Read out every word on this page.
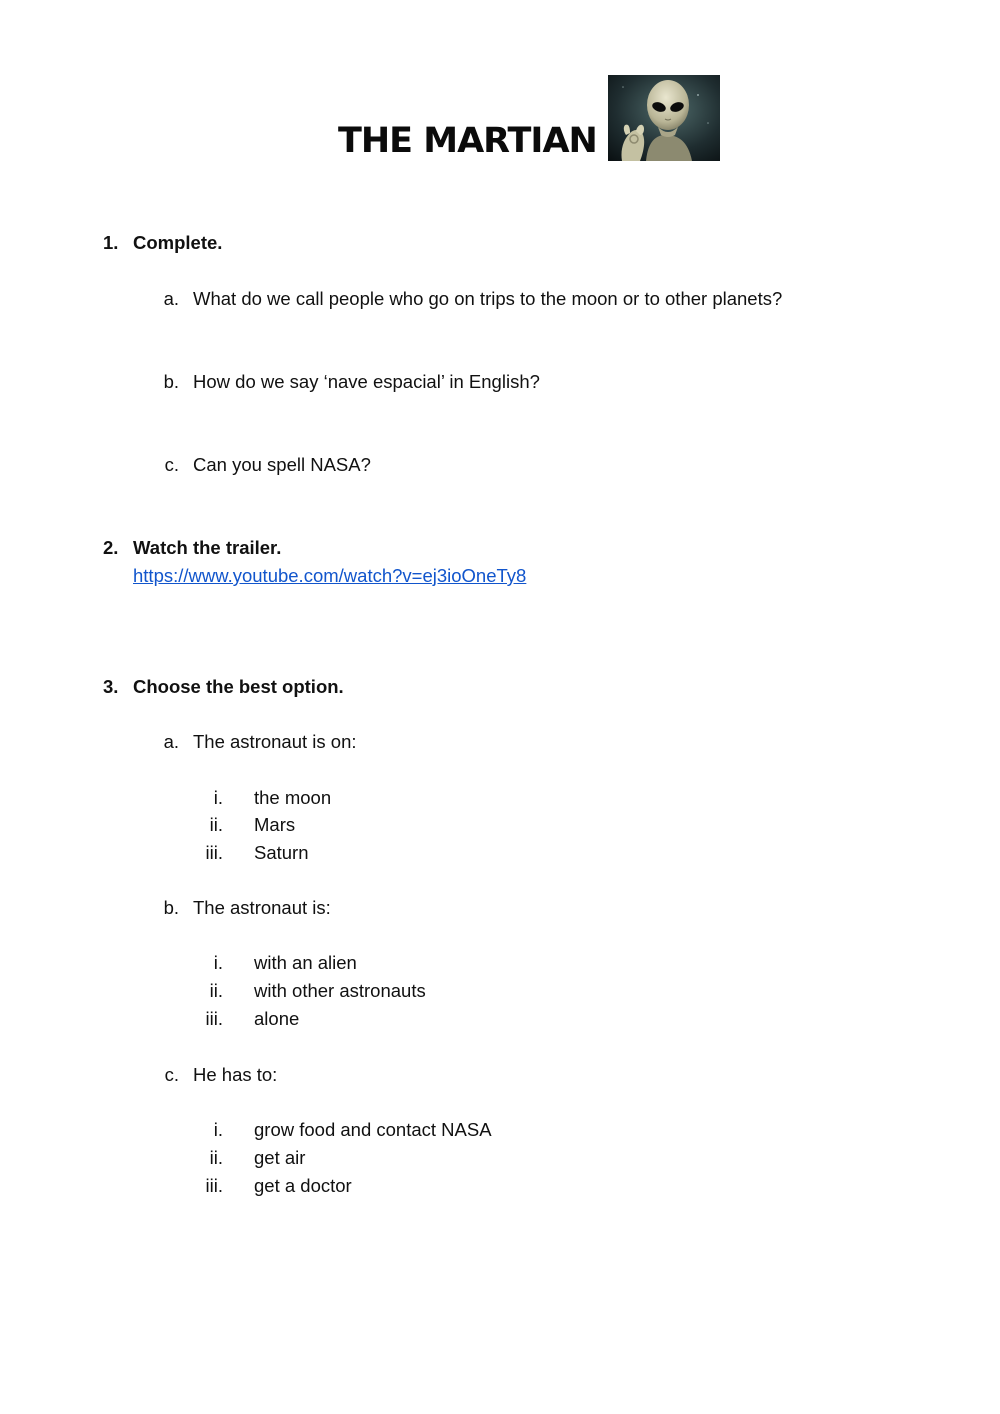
THE MARTIAN
1. Complete.
a. What do we call people who go on trips to the moon or to other planets?
b. How do we say ‘nave espacial’ in English?
c. Can you spell NASA?
2. Watch the trailer.
https://www.youtube.com/watch?v=ej3ioOneTy8
3. Choose the best option.
a. The astronaut is on:
i. the moon
ii. Mars
iii. Saturn
b. The astronaut is:
i. with an alien
ii. with other astronauts
iii. alone
c. He has to:
i. grow food and contact NASA
ii. get air
iii. get a doctor
